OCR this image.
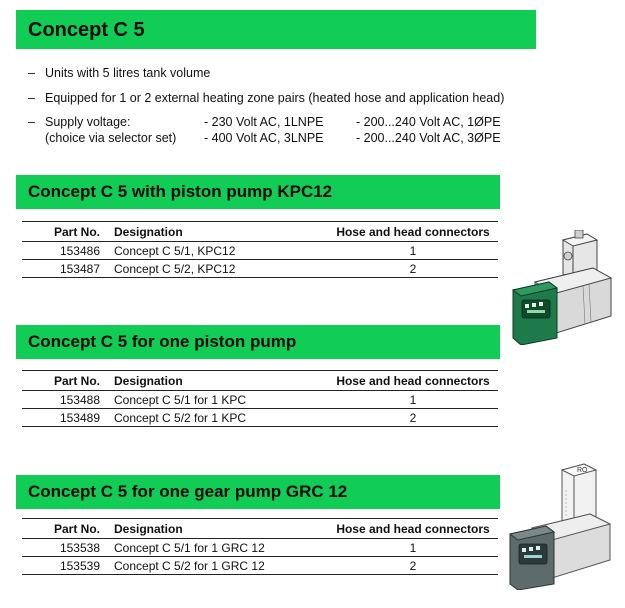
Concept C 5
– Units with 5 litres tank volume
– Equipped for 1 or 2 external heating zone pairs (heated hose and application head)
– Supply voltage:	- 230 Volt AC, 1LNPE	- 200...240 Volt AC, 1ØPE
(choice via selector set) - 400 Volt AC, 3LNPE	- 200...240 Volt AC, 3ØPE
Concept C 5 with piston pump KPC12
Part No.	Designation	Hose and head connectors
153486	Concept C 5/1, KPC12	1
153487	Concept C 5/2, KPC12	2
Concept C 5 for one piston pump
Part No.	Designation	Hose and head connectors
153488	Concept C 5/1 for 1 KPC	1
153489	Concept C 5/2 for 1 KPC	2
Concept C 5 for one gear pump GRC 12
Part No.	Designation	Hose and head connectors
153538	Concept C 5/1 for 1 GRC 12	1
153539	Concept C 5/2 for 1 GRC 12	2
RO
